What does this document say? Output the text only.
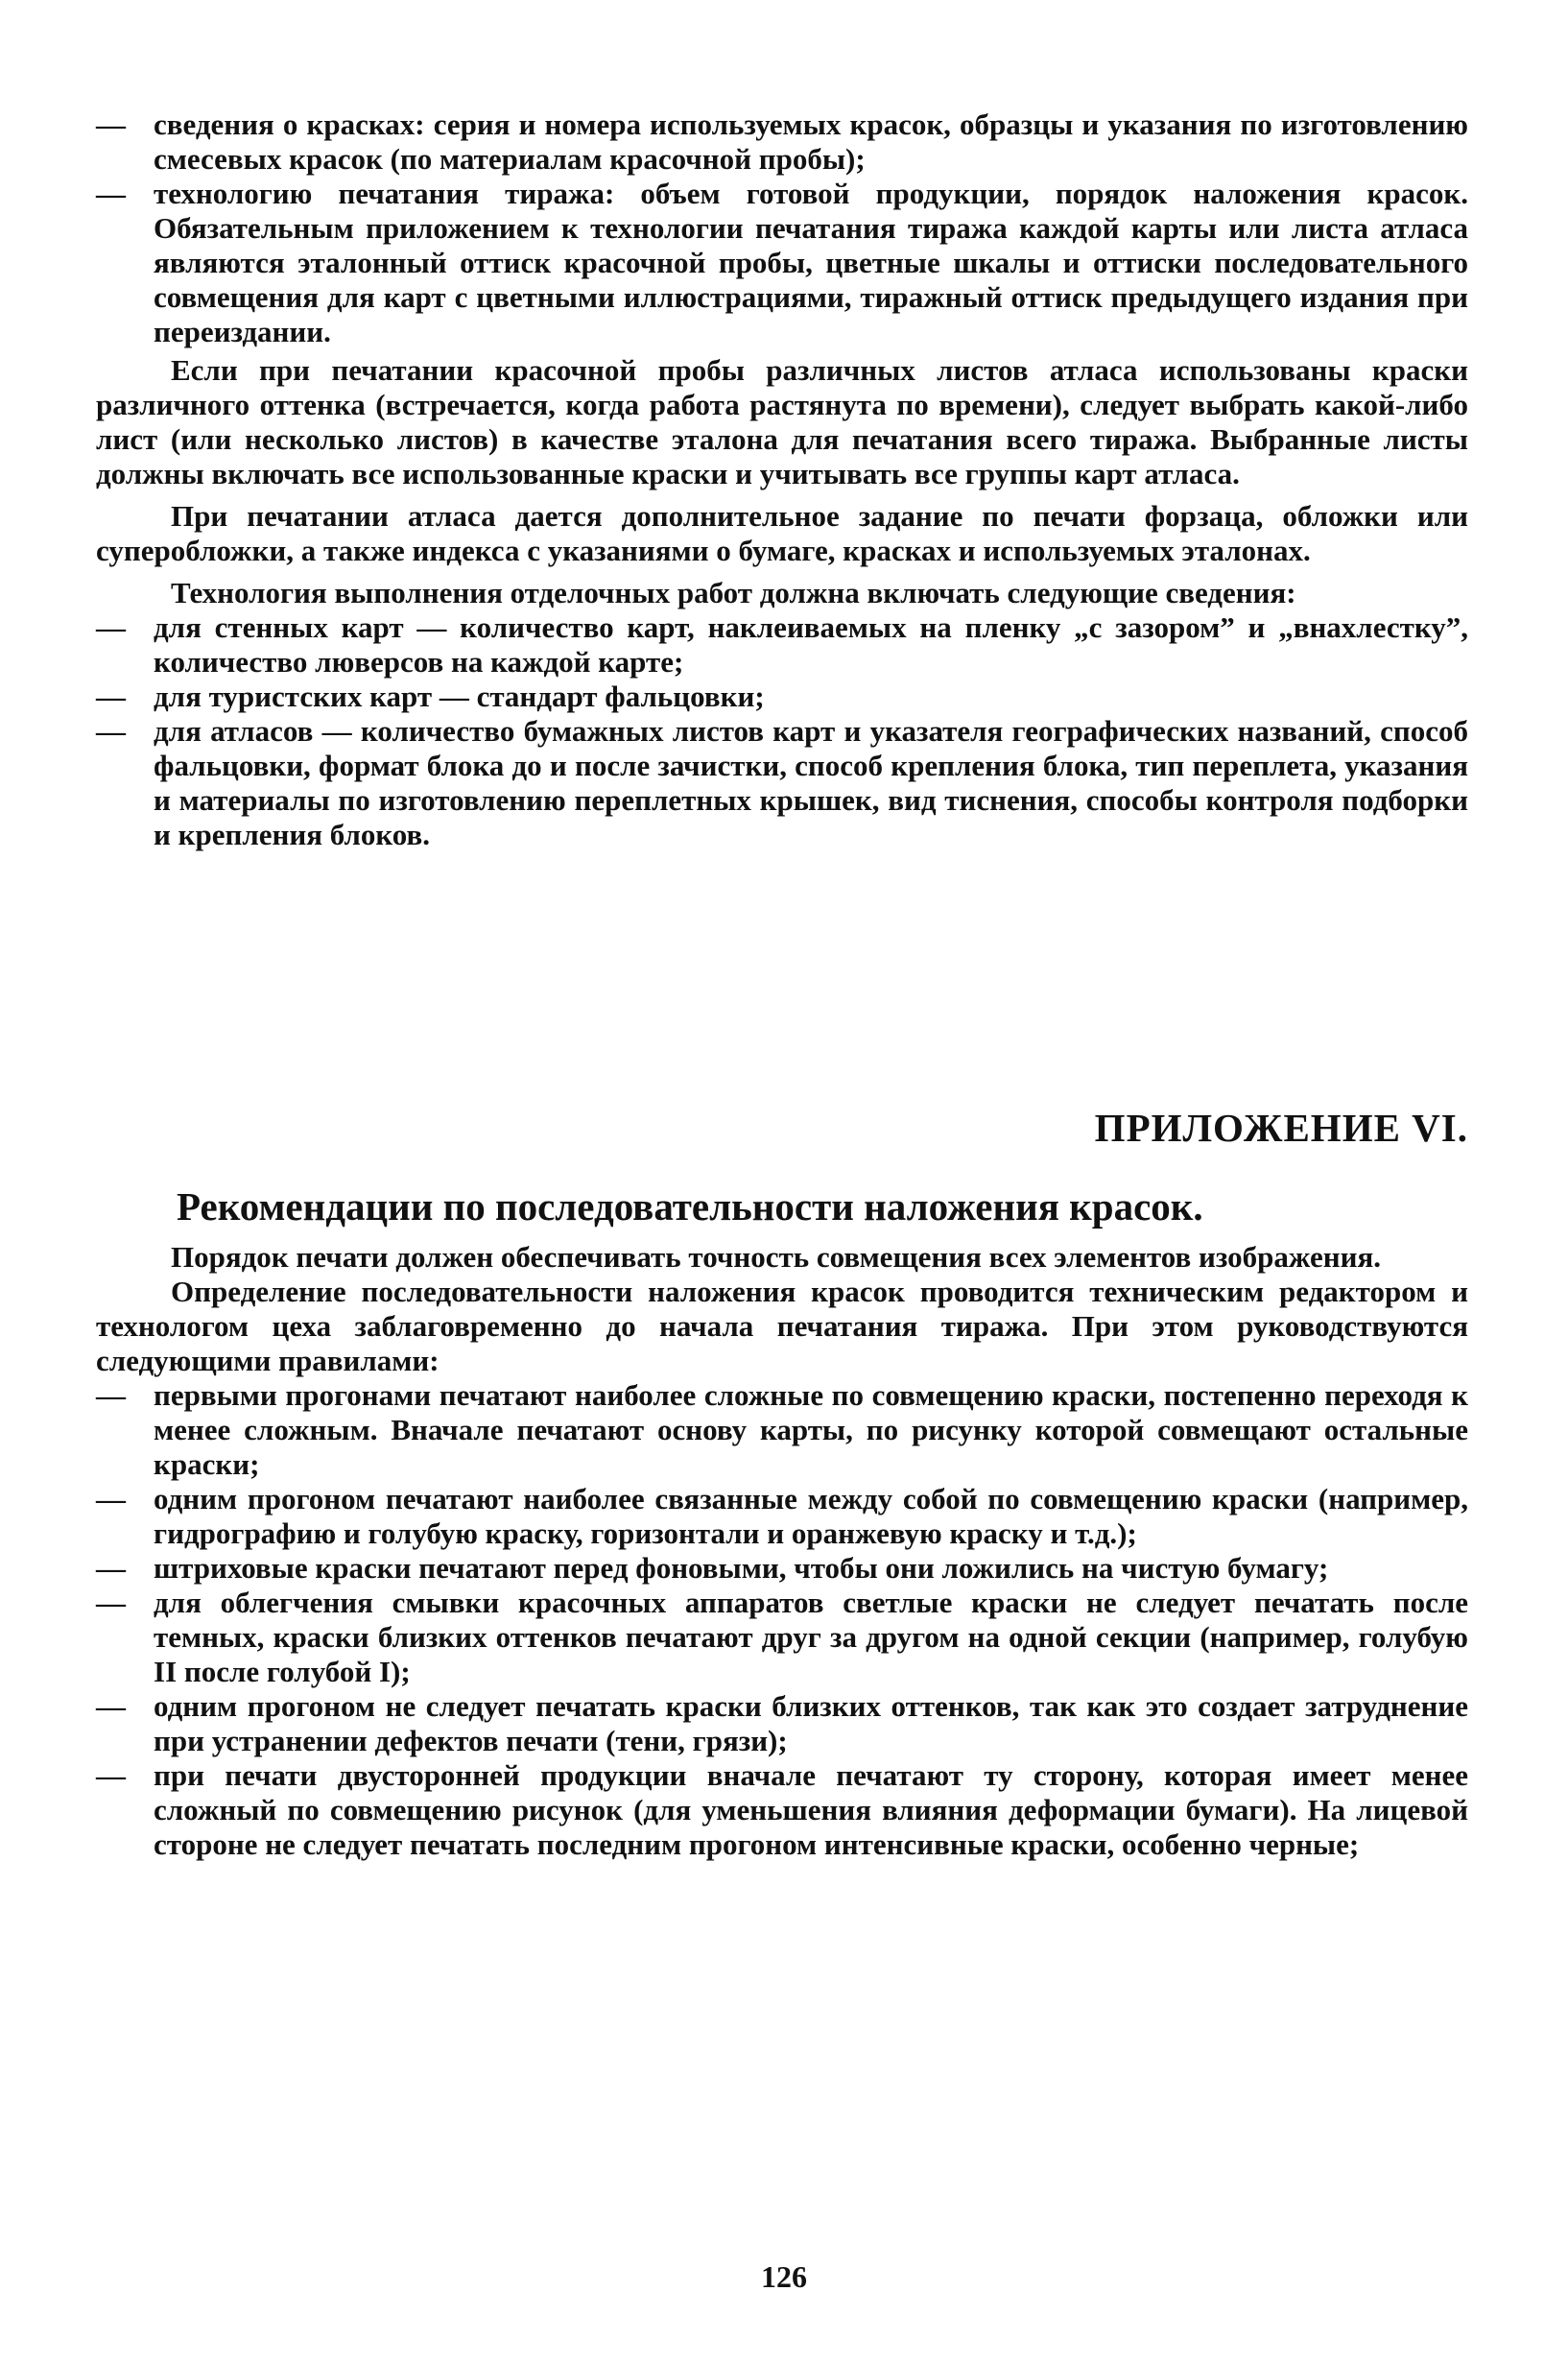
— сведения о красках: серия и номера используемых красок, образцы и указания по изготовлению смесевых красок (по материалам красочной пробы);
— технологию печатания тиража: объем готовой продукции, порядок наложения красок. Обязательным приложением к технологии печатания тиража каждой карты или листа атласа являются эталонный оттиск красочной пробы, цветные шкалы и оттиски последовательного совмещения для карт с цветными иллюстрациями, тиражный оттиск предыдущего издания при переиздании.

Если при печатании красочной пробы различных листов атласа использованы краски различного оттенка (встречается, когда работа растянута по времени), следует выбрать какой-либо лист (или несколько листов) в качестве эталона для печатания всего тиража. Выбранные листы должны включать все использованные краски и учитывать все группы карт атласа.

При печатании атласа дается дополнительное задание по печати форзаца, обложки или суперобложки, а также индекса с указаниями о бумаге, красках и используемых эталонах.

Технология выполнения отделочных работ должна включать следующие сведения:

— для стенных карт — количество карт, наклеиваемых на пленку „с зазором” и „внахлестку”, количество люверсов на каждой карте;
— для туристских карт — стандарт фальцовки;
— для атласов — количество бумажных листов карт и указателя географических названий, способ фальцовки, формат блока до и после зачистки, способ крепления блока, тип переплета, указания и материалы по изготовлению переплетных крышек, вид тиснения, способы контроля подборки и крепления блоков.
ПРИЛОЖЕНИЕ VI.
Рекомендации по последовательности наложения красок.

Порядок печати должен обеспечивать точность совмещения всех элементов изображения.

Определение последовательности наложения красок проводится техническим редактором и технологом цеха заблаговременно до начала печатания тиража. При этом руководствуются следующими правилами:

— первыми прогонами печатают наиболее сложные по совмещению краски, постепенно переходя к менее сложным. Вначале печатают основу карты, по рисунку которой совмещают остальные краски;
— одним прогоном печатают наиболее связанные между собой по совмещению краски (например, гидрографию и голубую краску, горизонтали и оранжевую краску и т.д.);
— штриховые краски печатают перед фоновыми, чтобы они ложились на чистую бумагу;
— для облегчения смывки красочных аппаратов светлые краски не следует печатать после темных, краски близких оттенков печатают друг за другом на одной секции (например, голубую II после голубой I);
— одним прогоном не следует печатать краски близких оттенков, так как это создает затруднение при устранении дефектов печати (тени, грязи);
— при печати двусторонней продукции вначале печатают ту сторону, которая имеет менее сложный по совмещению рисунок (для уменьшения влияния деформации бумаги). На лицевой стороне не следует печатать последним прогоном интенсивные краски, особенно черные;
126
